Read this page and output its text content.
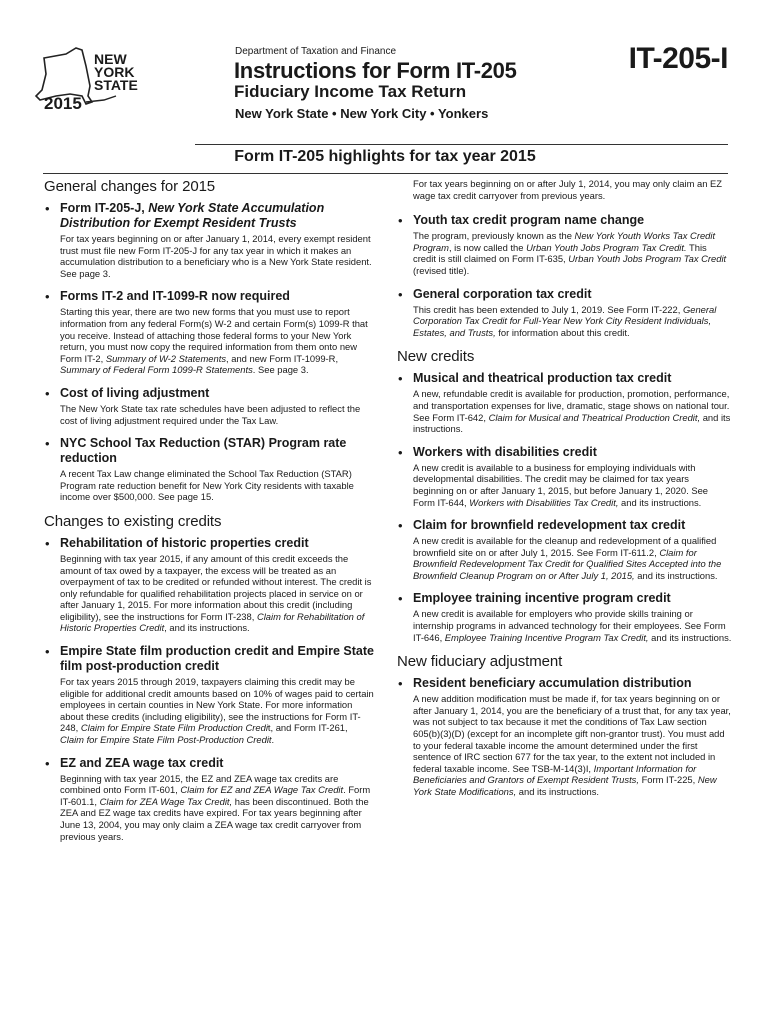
NEW
YORK
STATE
2015
Department of Taxation and Finance
Instructions for Form IT-205
Fiduciary Income Tax Return
New York State • New York City • Yonkers
IT-205-I
Form IT-205 highlights for tax year 2015
General changes for 2015
• Form IT-205-J, New York State Accumulation Distribution for Exempt Resident Trusts
For tax years beginning on or after January 1, 2014, every exempt resident trust must file new Form IT-205-J for any tax year in which it makes an accumulation distribution to a beneficiary who is a New York State resident. See page 3.
• Forms IT-2 and IT-1099-R now required
Starting this year, there are two new forms that you must use to report information from any federal Form(s) W-2 and certain Form(s) 1099-R that you receive. Instead of attaching those federal forms to your New York return, you must now copy the required information from them onto new Form IT-2, Summary of W-2 Statements, and new Form IT-1099-R, Summary of Federal Form 1099-R Statements. See page 3.
• Cost of living adjustment
The New York State tax rate schedules have been adjusted to reflect the cost of living adjustment required under the Tax Law.
• NYC School Tax Reduction (STAR) Program rate reduction
A recent Tax Law change eliminated the School Tax Reduction (STAR) Program rate reduction benefit for New York City residents with taxable income over $500,000. See page 15.
Changes to existing credits
• Rehabilitation of historic properties credit
Beginning with tax year 2015, if any amount of this credit exceeds the amount of tax owed by a taxpayer, the excess will be treated as an overpayment of tax to be credited or refunded without interest. The credit is only refundable for qualified rehabilitation projects placed in service on or after January 1, 2015. For more information about this credit (including eligibility), see the instructions for Form IT-238, Claim for Rehabilitation of Historic Properties Credit, and its instructions.
• Empire State film production credit and Empire State film post-production credit
For tax years 2015 through 2019, taxpayers claiming this credit may be eligible for additional credit amounts based on 10% of wages paid to certain employees in certain counties in New York State. For more information about these credits (including eligibility), see the instructions for Form IT-248, Claim for Empire State Film Production Credit, and Form IT-261, Claim for Empire State Film Post-Production Credit.
• EZ and ZEA wage tax credit
Beginning with tax year 2015, the EZ and ZEA wage tax credits are combined onto Form IT-601, Claim for EZ and ZEA Wage Tax Credit. Form IT-601.1, Claim for ZEA Wage Tax Credit, has been discontinued. Both the ZEA and EZ wage tax credits have expired. For tax years beginning after June 13, 2004, you may only claim a ZEA wage tax credit carryover from previous years.
For tax years beginning on or after July 1, 2014, you may only claim an EZ wage tax credit carryover from previous years.
• Youth tax credit program name change
The program, previously known as the New York Youth Works Tax Credit Program, is now called the Urban Youth Jobs Program Tax Credit. This credit is still claimed on Form IT-635, Urban Youth Jobs Program Tax Credit (revised title).
• General corporation tax credit
This credit has been extended to July 1, 2019. See Form IT-222, General Corporation Tax Credit for Full-Year New York City Resident Individuals, Estates, and Trusts, for information about this credit.
New credits
• Musical and theatrical production tax credit
A new, refundable credit is available for production, promotion, performance, and transportation expenses for live, dramatic, stage shows on national tour. See Form IT-642, Claim for Musical and Theatrical Production Credit, and its instructions.
• Workers with disabilities credit
A new credit is available to a business for employing individuals with developmental disabilities. The credit may be claimed for tax years beginning on or after January 1, 2015, but before January 1, 2020. See Form IT-644, Workers with Disabilities Tax Credit, and its instructions.
• Claim for brownfield redevelopment tax credit
A new credit is available for the cleanup and redevelopment of a qualified brownfield site on or after July 1, 2015. See Form IT-611.2, Claim for Brownfield Redevelopment Tax Credit for Qualified Sites Accepted into the Brownfield Cleanup Program on or After July 1, 2015, and its instructions.
• Employee training incentive program credit
A new credit is available for employers who provide skills training or internship programs in advanced technology for their employees. See Form IT-646, Employee Training Incentive Program Tax Credit, and its instructions.
New fiduciary adjustment
• Resident beneficiary accumulation distribution
A new addition modification must be made if, for tax years beginning on or after January 1, 2014, you are the beneficiary of a trust that, for any tax year, was not subject to tax because it met the conditions of Tax Law section 605(b)(3)(D) (except for an incomplete gift non-grantor trust). You must add to your federal taxable income the amount determined under the first sentence of IRC section 677 for the tax year, to the extent not included in federal taxable income. See TSB-M-14(3)I, Important Information for Beneficiaries and Grantors of Exempt Resident Trusts, Form IT-225, New York State Modifications, and its instructions.
